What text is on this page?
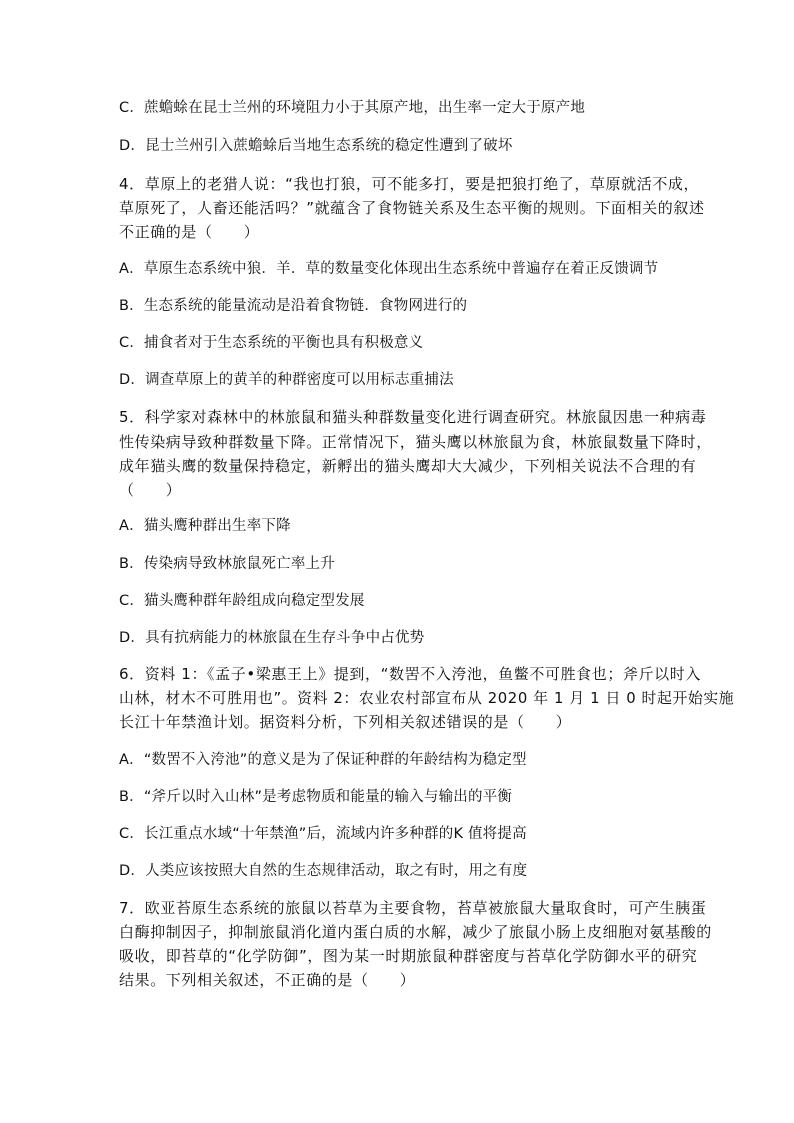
C．蔗蟾蜍在昆士兰州的环境阻力小于其原产地，出生率一定大于原产地
D．昆士兰州引入蔗蟾蜍后当地生态系统的稳定性遭到了破坏
4．草原上的老猎人说：“我也打狼，可不能多打，要是把狼打绝了，草原就活不成，
草原死了，人畜还能活吗？”就蕴含了食物链关系及生态平衡的规则。下面相关的叙述
不正确的是（　　）
A．草原生态系统中狼．羊．草的数量变化体现出生态系统中普遍存在着正反馈调节
B．生态系统的能量流动是沿着食物链．食物网进行的
C．捕食者对于生态系统的平衡也具有积极意义
D．调查草原上的黄羊的种群密度可以用标志重捕法
5．科学家对森林中的林旅鼠和猫头种群数量变化进行调查研究。林旅鼠因患一种病毒
性传染病导致种群数量下降。正常情况下，猫头鹰以林旅鼠为食，林旅鼠数量下降时，
成年猫头鹰的数量保持稳定，新孵出的猫头鹰却大大减少，下列相关说法不合理的有
（　　）
A．猫头鹰种群出生率下降
B．传染病导致林旅鼠死亡率上升
C．猫头鹰种群年龄组成向稳定型发展
D．具有抗病能力的林旅鼠在生存斗争中占优势
6．资料 1：《孟子•梁惠王上》提到，“数罟不入洿池，鱼鳖不可胜食也；斧斤以时入
山林，材木不可胜用也”。资料 2：农业农村部宣布从 2020 年 1 月 1 日 0 时起开始实施
长江十年禁渔计划。据资料分析，下列相关叙述错误的是（　　）
A．“数罟不入洿池”的意义是为了保证种群的年龄结构为稳定型
B．“斧斤以时入山林”是考虑物质和能量的输入与输出的平衡
C．长江重点水域“十年禁渔”后，流域内许多种群的K 值将提高
D．人类应该按照大自然的生态规律活动，取之有时，用之有度
7．欧亚苔原生态系统的旅鼠以苔草为主要食物，苔草被旅鼠大量取食时，可产生胰蛋
白酶抑制因子，抑制旅鼠消化道内蛋白质的水解，减少了旅鼠小肠上皮细胞对氨基酸的
吸收，即苔草的“化学防御”，图为某一时期旅鼠种群密度与苔草化学防御水平的研究
结果。下列相关叙述，不正确的是（　　）
